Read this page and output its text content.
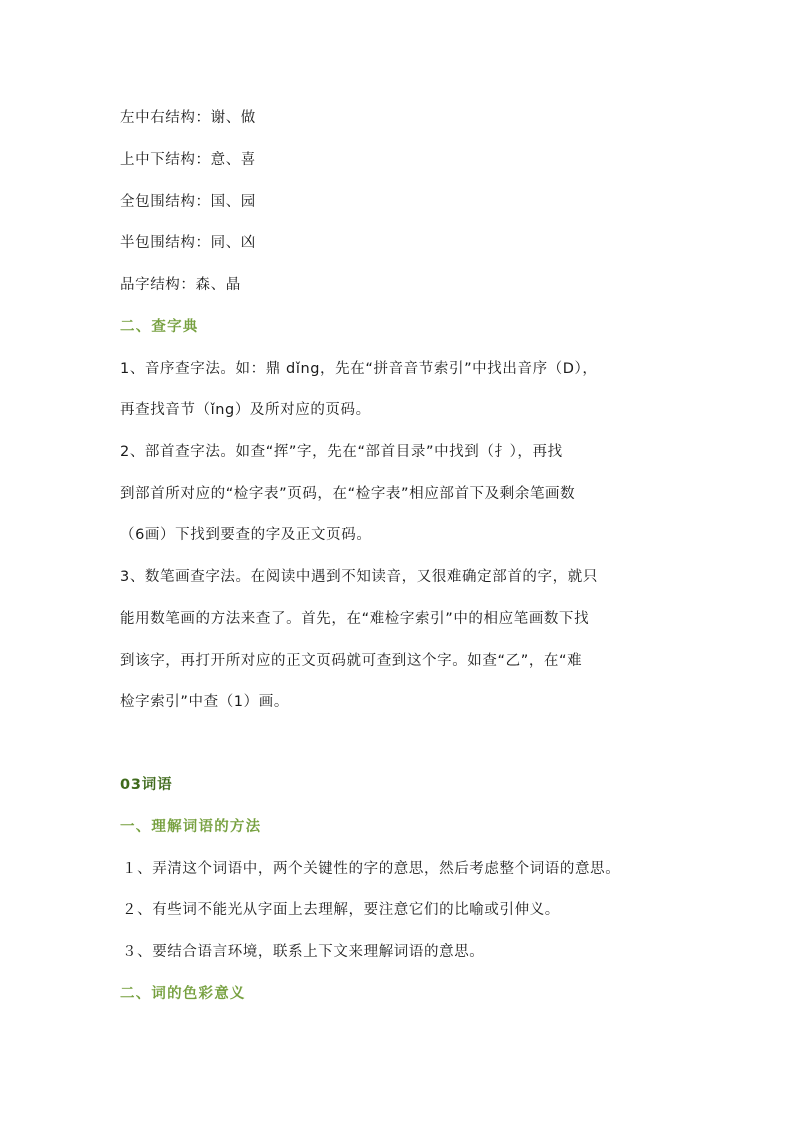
左中右结构：谢、做
上中下结构：意、喜
全包围结构：国、园
半包围结构：同、凶
品字结构：森、晶
二、查字典
1、音序查字法。如：鼎 dǐng，先在“拼音音节索引”中找出音序（D），
再查找音节（ǐng）及所对应的页码。
2、部首查字法。如查“挥”字，先在“部首目录”中找到（扌），再找
到部首所对应的“检字表”页码，在“检字表”相应部首下及剩余笔画数
（6画）下找到要查的字及正文页码。
3、数笔画查字法。在阅读中遇到不知读音，又很难确定部首的字，就只
能用数笔画的方法来查了。首先，在“难检字索引”中的相应笔画数下找
到该字，再打开所对应的正文页码就可查到这个字。如查“乙”，在“难
检字索引”中查（1）画。
03词语
一、理解词语的方法
１、弄清这个词语中，两个关键性的字的意思，然后考虑整个词语的意思。
２、有些词不能光从字面上去理解，要注意它们的比喻或引伸义。
３、要结合语言环境，联系上下文来理解词语的意思。
二、词的色彩意义
